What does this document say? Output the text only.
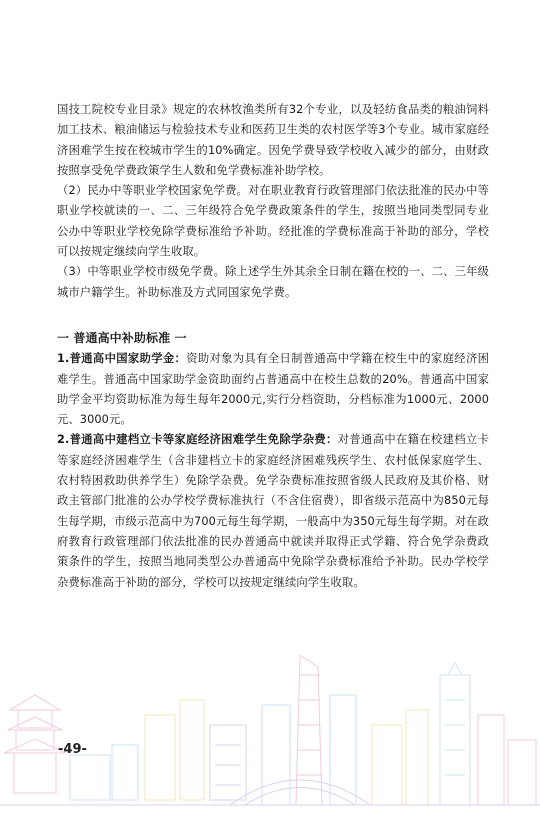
国技工院校专业目录》规定的农林牧渔类所有32个专业，以及轻纺食品类的粮油饲料加工技术、粮油储运与检验技术专业和医药卫生类的农村医学等3个专业。城市家庭经济困难学生按在校城市学生的10%确定。因免学费导致学校收入减少的部分，由财政按照享受免学费政策学生人数和免学费标准补助学校。

（2）民办中等职业学校国家免学费。对在职业教育行政管理部门依法批准的民办中等职业学校就读的一、二、三年级符合免学费政策条件的学生，按照当地同类型同专业公办中等职业学校免除学费标准给予补助。经批准的学费标准高于补助的部分，学校可以按规定继续向学生收取。

（3）中等职业学校市级免学费。除上述学生外其余全日制在籍在校的一、二、三年级城市户籍学生。补助标准及方式同国家免学费。

一 普通高中补助标准 一

1.普通高中国家助学金：资助对象为具有全日制普通高中学籍在校生中的家庭经济困难学生。普通高中国家助学金资助面约占普通高中在校生总数的20%。普通高中国家助学金平均资助标准为每生每年2000元,实行分档资助，分档标准为1000元、2000元、3000元。

2.普通高中建档立卡等家庭经济困难学生免除学杂费：对普通高中在籍在校建档立卡等家庭经济困难学生（含非建档立卡的家庭经济困难残疾学生、农村低保家庭学生、农村特困救助供养学生）免除学杂费。免学杂费标准按照省级人民政府及其价格、财政主管部门批准的公办学校学费标准执行（不含住宿费），即省级示范高中为850元每生每学期，市级示范高中为700元每生每学期，一般高中为350元每生每学期。对在政府教育行政管理部门依法批准的民办普通高中就读并取得正式学籍、符合免学杂费政策条件的学生，按照当地同类型公办普通高中免除学杂费标准给予补助。民办学校学杂费标准高于补助的部分，学校可以按规定继续向学生收取。

-49-
